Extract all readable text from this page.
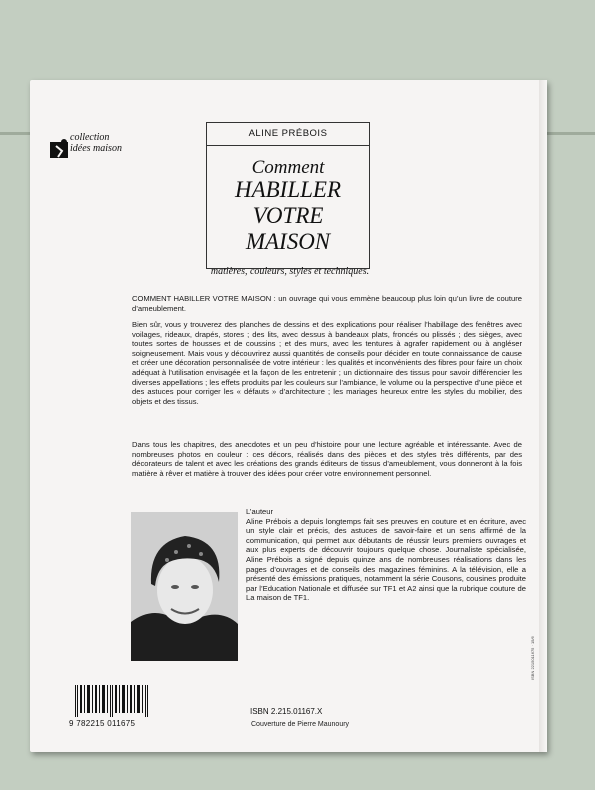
collection
idées maison
ALINE PRÉBOIS
Comment
HABILLER
VOTRE
MAISON
matières, couleurs, styles et techniques.
COMMENT HABILLER VOTRE MAISON : un ouvrage qui vous emmène beaucoup plus loin qu’un livre de couture d’ameublement.
Bien sûr, vous y trouverez des planches de dessins et des explications pour réaliser l’habillage des fenêtres avec voilages, rideaux, drapés, stores ; des lits, avec dessus à bandeaux plats, froncés ou plissés ; des sièges, avec toutes sortes de housses et de coussins ; et des murs, avec les tentures à agrafer rapidement ou à angléser soigneusement. Mais vous y découvrirez aussi quantités de conseils pour décider en toute connaissance de cause et créer une décoration personnalisée de votre intérieur : les qualités et inconvénients des fibres pour faire un choix adéquat à l’utilisation envisagée et la façon de les entretenir ; un dictionnaire des tissus pour savoir différencier les diverses appellations ; les effets produits par les couleurs sur l’ambiance, le volume ou la perspective d’une pièce et des astuces pour corriger les « défauts » d’architecture ; les mariages heureux entre les styles du mobilier, des objets et des tissus.
Dans tous les chapitres, des anecdotes et un peu d’histoire pour une lecture agréable et intéressante. Avec de nombreuses photos en couleur : ces décors, réalisés dans des pièces et des styles très différents, par des décorateurs de talent et avec les créations des grands éditeurs de tissus d’ameublement, vous donneront à la fois matière à rêver et matière à trouver des idées pour créer votre environnement personnel.
L’auteur
Aline Prébois a depuis longtemps fait ses preuves en couture et en écriture, avec un style clair et précis, des astuces de savoir-faire et un sens affirmé de la communication, qui permet aux débutants de réussir leurs premiers ouvrages et aux plus experts de découvrir toujours quelque chose. Journaliste spécialisée, Aline Prébois a signé depuis quinze ans de nombreuses réalisations dans les pages d’ouvrages et de conseils des magazines féminins. A la télévision, elle a présenté des émissions pratiques, notamment la série Cousons, cousines produite par l’Education Nationale et diffusée sur TF1 et A2 ainsi que la rubrique couture de La maison de TF1.
9 782215 011675
ISBN 2.215.01167.X
Couverture de Pierre Maunoury
ISBN 2215011675 · 15/6
